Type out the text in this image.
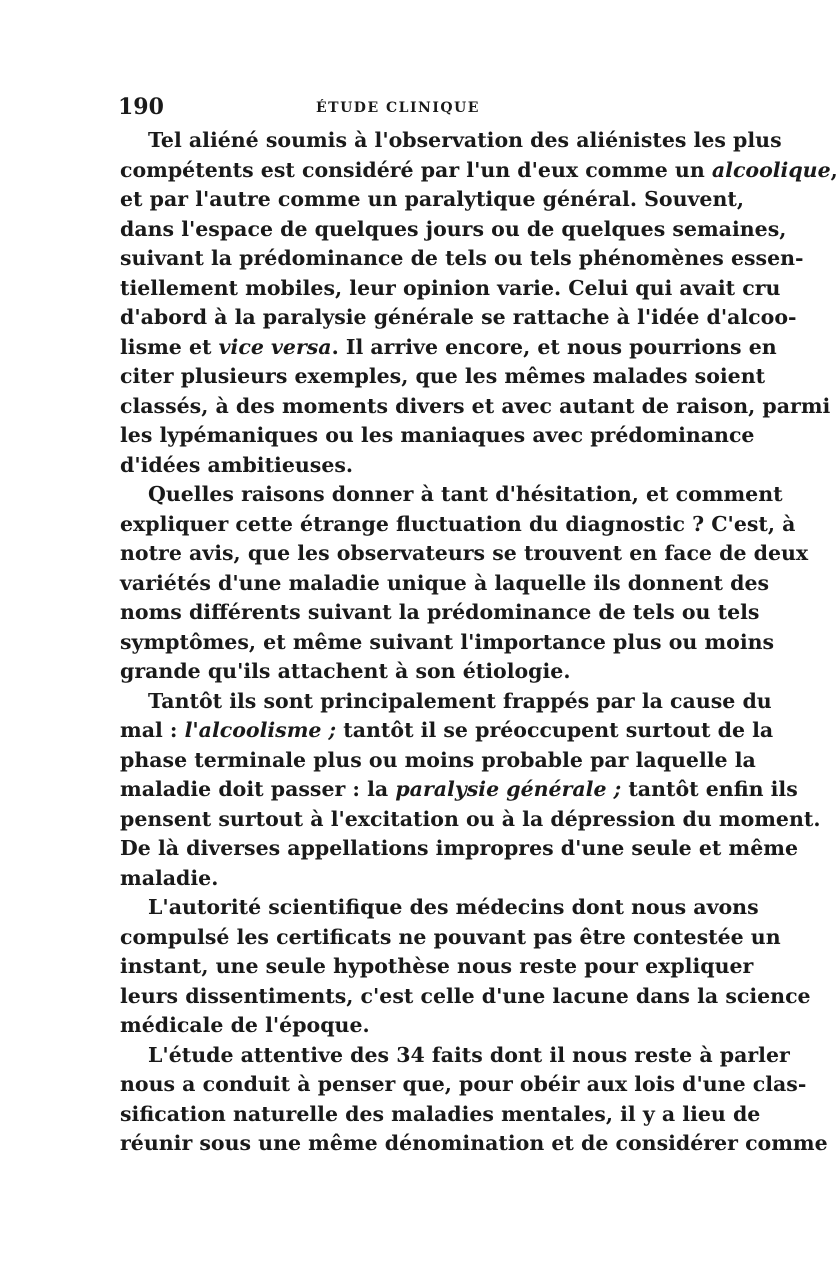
190	ÉTUDE CLINIQUE
Tel aliéné soumis à l'observation des aliénistes les plus
compétents est considéré par l'un d'eux comme un alcoolique,
et par l'autre comme un paralytique général. Souvent,
dans l'espace de quelques jours ou de quelques semaines,
suivant la prédominance de tels ou tels phénomènes essen-
tiellement mobiles, leur opinion varie. Celui qui avait cru
d'abord à la paralysie générale se rattache à l'idée d'alcoo-
lisme et vice versa. Il arrive encore, et nous pourrions en
citer plusieurs exemples, que les mêmes malades soient
classés, à des moments divers et avec autant de raison, parmi
les lypémaniques ou les maniaques avec prédominance
d'idées ambitieuses.
Quelles raisons donner à tant d'hésitation, et comment
expliquer cette étrange fluctuation du diagnostic ? C'est, à
notre avis, que les observateurs se trouvent en face de deux
variétés d'une maladie unique à laquelle ils donnent des
noms différents suivant la prédominance de tels ou tels
symptômes, et même suivant l'importance plus ou moins
grande qu'ils attachent à son étiologie.
Tantôt ils sont principalement frappés par la cause du
mal : l'alcoolisme ; tantôt il se préoccupent surtout de la
phase terminale plus ou moins probable par laquelle la
maladie doit passer : la paralysie générale ; tantôt enfin ils
pensent surtout à l'excitation ou à la dépression du moment.
De là diverses appellations impropres d'une seule et même
maladie.
L'autorité scientifique des médecins dont nous avons
compulsé les certificats ne pouvant pas être contestée un
instant, une seule hypothèse nous reste pour expliquer
leurs dissentiments, c'est celle d'une lacune dans la science
médicale de l'époque.
L'étude attentive des 34 faits dont il nous reste à parler
nous a conduit à penser que, pour obéir aux lois d'une clas-
sification naturelle des maladies mentales, il y a lieu de
réunir sous une même dénomination et de considérer comme
